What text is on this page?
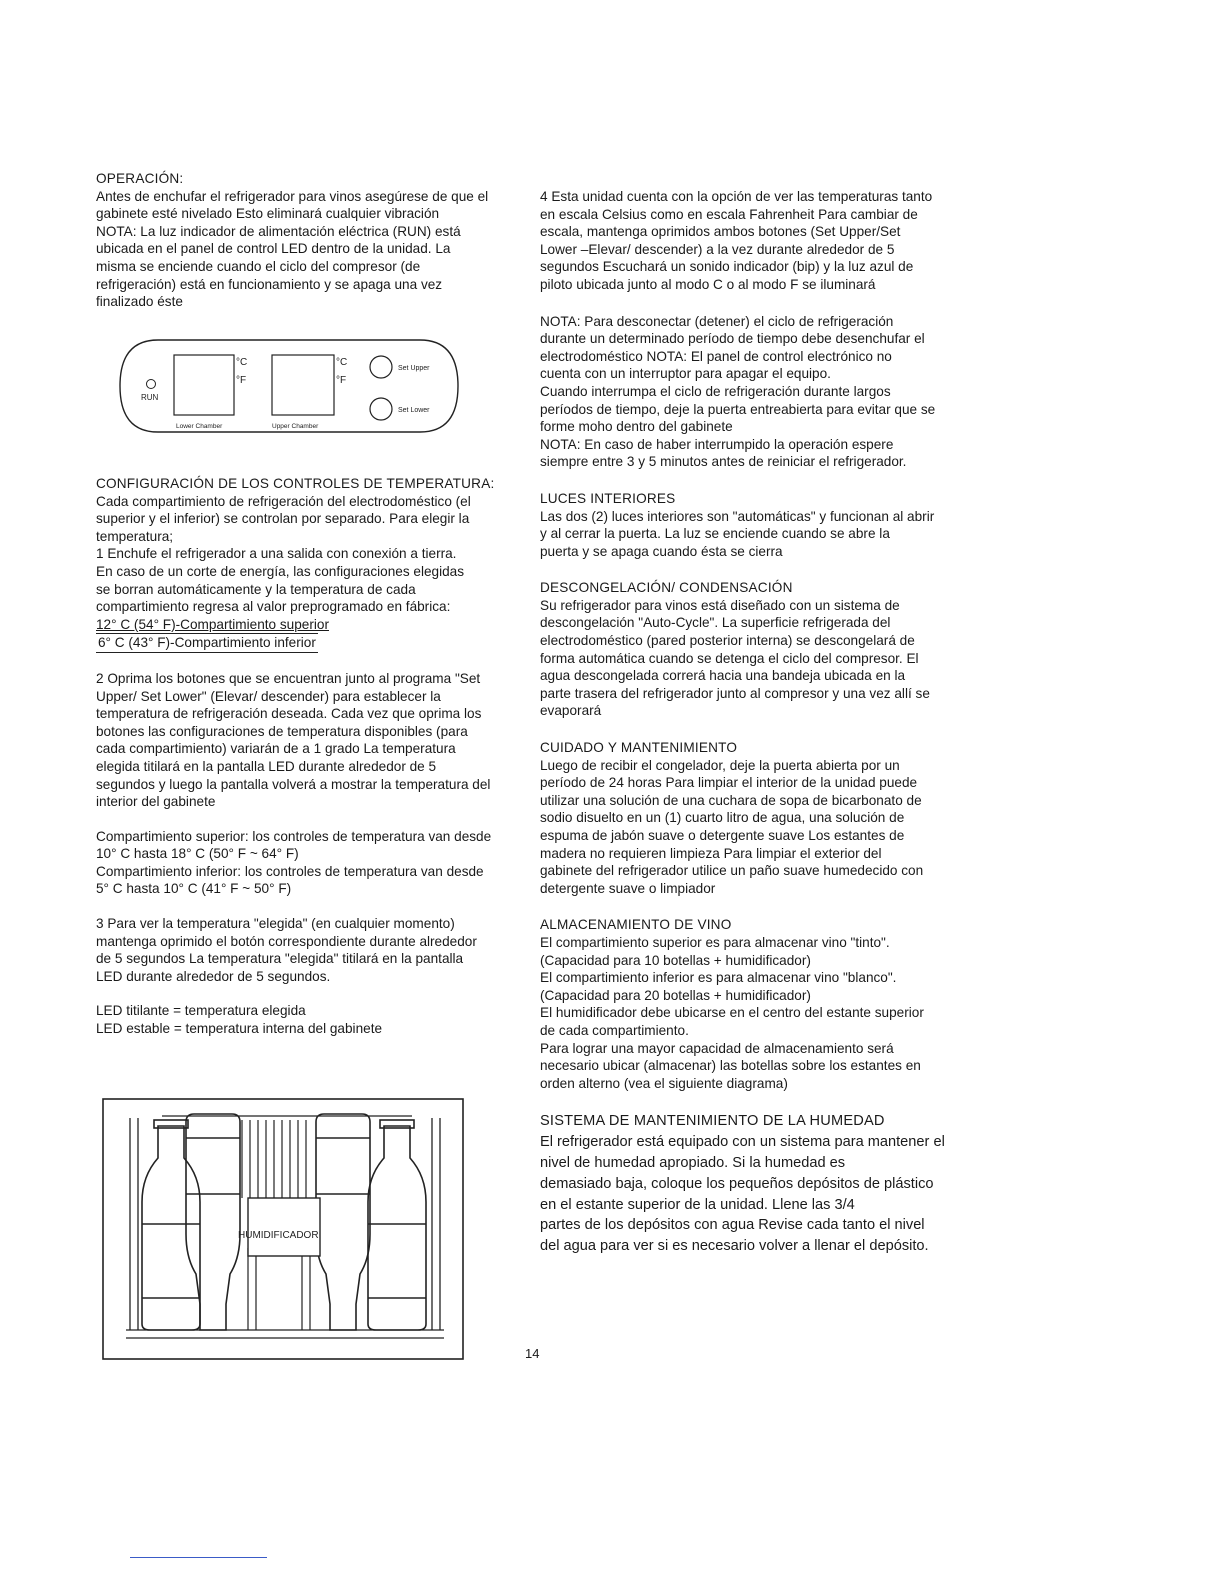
OPERACIÓN:

Antes de enchufar el refrigerador para vinos asegúrese de que el

gabinete esté nivelado Esto eliminará cualquier vibración

NOTA: La luz indicador de alimentación eléctrica (RUN) está

ubicada en el panel de control LED dentro de la unidad. La

misma se enciende cuando el ciclo del compresor (de

refrigeración) está en funcionamiento y se apaga una vez

finalizado éste

RUN
°C
°F
Lower Chamber
°C
°F
Upper Chamber
Set Upper
Set Lower

CONFIGURACIÓN DE LOS CONTROLES DE TEMPERATURA:

Cada compartimiento de refrigeración del electrodoméstico (el

superior y el inferior) se controlan por separado. Para elegir la

temperatura;

1 Enchufe el refrigerador a una salida con conexión a tierra.

En caso de un corte de energía, las configuraciones elegidas

se borran automáticamente y la temperatura de cada

compartimiento regresa al valor preprogramado en fábrica:

12° C (54° F)-Compartimiento superior

6° C (43° F)-Compartimiento inferior

2 Oprima los botones que se encuentran junto al programa "Set

Upper/ Set Lower" (Elevar/ descender) para establecer la

temperatura de refrigeración deseada. Cada vez que oprima los

botones las configuraciones de temperatura disponibles (para

cada compartimiento) variarán de a 1 grado La temperatura

elegida titilará en la pantalla LED durante alrededor de 5

segundos y luego la pantalla volverá a mostrar la temperatura del

interior del gabinete

Compartimiento superior: los controles de temperatura van desde

10° C hasta 18° C (50° F ~ 64° F)

Compartimiento inferior: los controles de temperatura van desde

5° C hasta 10° C (41° F ~ 50° F)

3 Para ver la temperatura "elegida" (en cualquier momento)

mantenga oprimido el botón correspondiente durante alrededor

de 5 segundos La temperatura "elegida" titilará en la pantalla

LED durante alrededor de 5 segundos.

LED titilante = temperatura elegida

LED estable = temperatura interna del gabinete

HUMIDIFICADOR

4 Esta unidad cuenta con la opción de ver las temperaturas tanto

en escala Celsius como en escala Fahrenheit Para cambiar de

escala, mantenga oprimidos ambos botones (Set Upper/Set

Lower –Elevar/ descender) a la vez durante alrededor de 5

segundos Escuchará un sonido indicador (bip) y la luz azul de

piloto ubicada junto al modo C o al modo F se iluminará

NOTA: Para desconectar (detener) el ciclo de refrigeración

durante un determinado período de tiempo debe desenchufar el

electrodoméstico NOTA: El panel de control electrónico no

cuenta con un interruptor para apagar el equipo.

Cuando interrumpa el ciclo de refrigeración durante largos

períodos de tiempo, deje la puerta entreabierta para evitar que se

forme moho dentro del gabinete

NOTA: En caso de haber interrumpido la operación espere

siempre entre 3 y 5 minutos antes de reiniciar el refrigerador.

LUCES INTERIORES

Las dos (2) luces interiores son "automáticas" y funcionan al abrir

y al cerrar la puerta. La luz se enciende cuando se abre la

puerta y se apaga cuando ésta se cierra

DESCONGELACIÓN/ CONDENSACIÓN

Su refrigerador para vinos está diseñado con un sistema de

descongelación "Auto-Cycle". La superficie refrigerada del

electrodoméstico (pared posterior interna) se descongelará de

forma automática cuando se detenga el ciclo del compresor. El

agua descongelada correrá hacia una bandeja ubicada en la

parte trasera del refrigerador junto al compresor y una vez allí se

evaporará

CUIDADO Y MANTENIMIENTO

Luego de recibir el congelador, deje la puerta abierta por un

período de 24 horas Para limpiar el interior de la unidad puede

utilizar una solución de una cuchara de sopa de bicarbonato de

sodio disuelto en un (1) cuarto litro de agua, una solución de

espuma de jabón suave o detergente suave Los estantes de

madera no requieren limpieza Para limpiar el exterior del

gabinete del refrigerador utilice un paño suave humedecido con

detergente suave o limpiador

ALMACENAMIENTO DE VINO

El compartimiento superior es para almacenar vino "tinto".

(Capacidad para 10 botellas + humidificador)

El compartimiento inferior es para almacenar vino "blanco".

(Capacidad para 20 botellas + humidificador)

El humidificador debe ubicarse en el centro del estante superior

de cada compartimiento.

Para lograr una mayor capacidad de almacenamiento será

necesario ubicar (almacenar) las botellas sobre los estantes en

orden alterno (vea el siguiente diagrama)

SISTEMA DE MANTENIMIENTO DE LA HUMEDAD

El refrigerador está equipado con un sistema para mantener el

nivel de humedad apropiado. Si la humedad es

demasiado baja, coloque los pequeños depósitos de plástico

en el estante superior de la unidad. Llene las 3/4

partes de los depósitos con agua Revise cada tanto el nivel

del agua para ver si es necesario volver a llenar el depósito.

14
